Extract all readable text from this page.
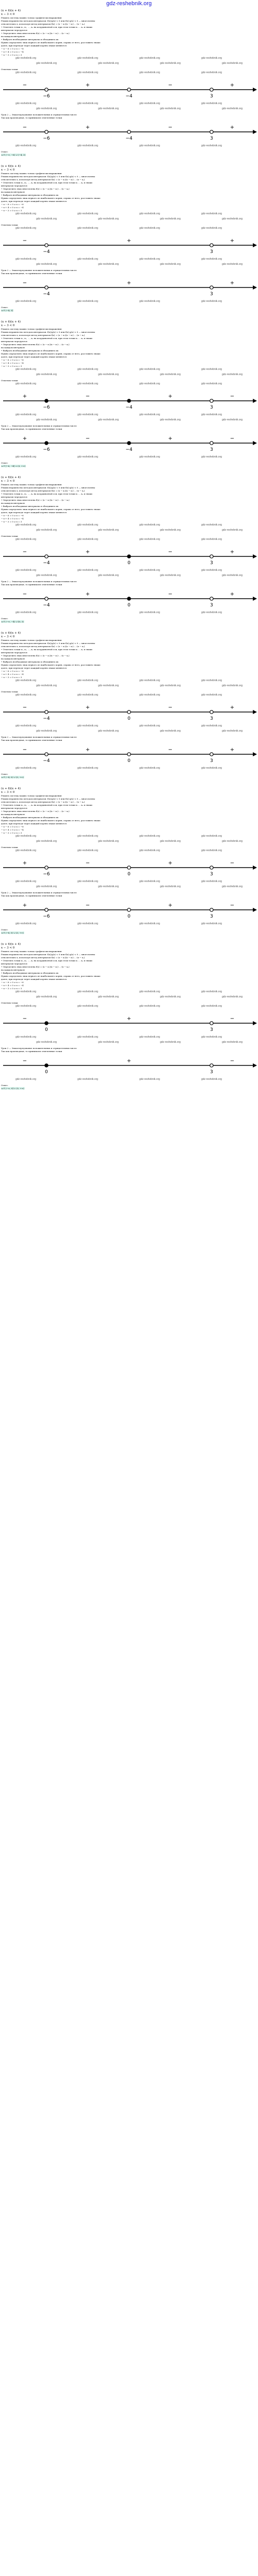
gdz-reshebnik.org
(x + 6)(x + 4)
x − 3 < 0
Решить систему можно только графически выражения
Решим неравенство методом интервалов: f(x)/g(x) < 0 или f(x)·g(x) < 0 — многочлены
относительно x, используя метод интервалов f(x) = (x − x₁)(x − x₂)·…·(x − xₙ)
• Отметить точки x₁, x₂, …, xₙ на координатной оси, при этом точки x₁ ... xₙ и знаки
интервалов чередуются
• Определить знак многочлена f(x) = (x − x₁)(x − x₂)·…·(x − xₙ)
на каждом интервале
• Выбрать необходимые интервалы и объединить их
Нужно определить знак первого из наибольшего корня, справа от него, расставить знаки:
далее, при переходе через каждый корень знаки меняются
− x − 6 = 0 ⇒ x = −6
− x + 4 = 0 ⇒ x = −4
− x − 3 = 0 ⇒ x = 3
gdz-reshebnik.org	gdz-reshebnik.org	gdz-reshebnik.org	gdz-reshebnik.org
gdz-reshebnik.org	gdz-reshebnik.org	gdz-reshebnik.org	gdz-reshebnik.org
Отметим точки
gdz-reshebnik.org	gdz-reshebnik.org	gdz-reshebnik.org	gdz-reshebnik.org
−	+	−	+
−6	−4	3
gdz-reshebnik.org	gdz-reshebnik.org	gdz-reshebnik.org	gdz-reshebnik.org
gdz-reshebnik.org	gdz-reshebnik.org	gdz-reshebnik.org	gdz-reshebnik.org
Урок 2 — Знакочередование положительных и отрицательных чисел
Так как производная, то принимаем отмеченные точки
−	+	−	+
−6	−4	3
gdz-reshebnik.org	gdz-reshebnik.org	gdz-reshebnik.org	gdz-reshebnik.org
Ответ:
x ∈ (−∞; −6) ∪ (−4; 3)
(x + 6)(x + 4)
x − 3 < 0
Решить систему можно только графически выражения
Решим неравенство методом интервалов: f(x)/g(x) < 0 или f(x)·g(x) < 0 — многочлены
относительно x, используя метод интервалов f(x) = (x − x₁)(x − x₂)·…·(x − xₙ)
• Отметить точки x₁, x₂, …, xₙ на координатной оси, при этом точки x₁ ... xₙ и знаки
интервалов чередуются
• Определить знак многочлена f(x) = (x − x₁)(x − x₂)·…·(x − xₙ)
на каждом интервале
• Выбрать необходимые интервалы и объединить их
Нужно определить знак первого из наибольшего корня, справа от него, расставить знаки:
далее, при переходе через каждый корень знаки меняются
− x − 6 = 0 ⇒ x = −6
− x + 4 = 0 ⇒ x = −4
− x − 3 = 0 ⇒ x = 3
gdz-reshebnik.org	gdz-reshebnik.org	gdz-reshebnik.org	gdz-reshebnik.org
gdz-reshebnik.org	gdz-reshebnik.org	gdz-reshebnik.org	gdz-reshebnik.org
Отметим точки
gdz-reshebnik.org	gdz-reshebnik.org	gdz-reshebnik.org	gdz-reshebnik.org
−	+	+
−4	3
gdz-reshebnik.org	gdz-reshebnik.org	gdz-reshebnik.org	gdz-reshebnik.org
gdz-reshebnik.org	gdz-reshebnik.org	gdz-reshebnik.org	gdz-reshebnik.org
Урок 2 — Знакочередование положительных и отрицательных чисел
Так как производная, то принимаем отмеченные точки
−	+	+
−4	3
gdz-reshebnik.org	gdz-reshebnik.org	gdz-reshebnik.org	gdz-reshebnik.org
Ответ:
x ∈ (−4; 3]
(x + 6)(x + 4)
x − 3 < 0
Решить систему можно только графически выражения
Решим неравенство методом интервалов: f(x)/g(x) < 0 или f(x)·g(x) < 0 — многочлены
относительно x, используя метод интервалов f(x) = (x − x₁)(x − x₂)·…·(x − xₙ)
• Отметить точки x₁, x₂, …, xₙ на координатной оси, при этом точки x₁ ... xₙ и знаки
интервалов чередуются
• Определить знак многочлена f(x) = (x − x₁)(x − x₂)·…·(x − xₙ)
на каждом интервале
• Выбрать необходимые интервалы и объединить их
Нужно определить знак первого из наибольшего корня, справа от него, расставить знаки:
далее, при переходе через каждый корень знаки меняются
− x − 6 = 0 ⇒ x = −6
− x + 4 = 0 ⇒ x = −4
− x − 3 = 0 ⇒ x = 3
gdz-reshebnik.org	gdz-reshebnik.org	gdz-reshebnik.org	gdz-reshebnik.org
gdz-reshebnik.org	gdz-reshebnik.org	gdz-reshebnik.org	gdz-reshebnik.org
Отметим точки
gdz-reshebnik.org	gdz-reshebnik.org	gdz-reshebnik.org	gdz-reshebnik.org
+	−	+	−
−6	−4	3
gdz-reshebnik.org	gdz-reshebnik.org	gdz-reshebnik.org	gdz-reshebnik.org
gdz-reshebnik.org	gdz-reshebnik.org	gdz-reshebnik.org	gdz-reshebnik.org
Урок 2 — Знакочередование положительных и отрицательных чисел
Так как производная, то принимаем отмеченные точки
+	−	+	−
−6	−4	3
gdz-reshebnik.org	gdz-reshebnik.org	gdz-reshebnik.org	gdz-reshebnik.org
Ответ:
x ∈ [−6; −4] ∪ (3; +∞)
(x + 6)(x + 4)
x − 3 < 0
Решить систему можно только графически выражения
Решим неравенство методом интервалов: f(x)/g(x) < 0 или f(x)·g(x) < 0 — многочлены
относительно x, используя метод интервалов f(x) = (x − x₁)(x − x₂)·…·(x − xₙ)
• Отметить точки x₁, x₂, …, xₙ на координатной оси, при этом точки x₁ ... xₙ и знаки
интервалов чередуются
• Определить знак многочлена f(x) = (x − x₁)(x − x₂)·…·(x − xₙ)
на каждом интервале
• Выбрать необходимые интервалы и объединить их
Нужно определить знак первого из наибольшего корня, справа от него, расставить знаки:
далее, при переходе через каждый корень знаки меняются
− x − 6 = 0 ⇒ x = −6
− x + 4 = 0 ⇒ x = −4
− x − 3 = 0 ⇒ x = 3
gdz-reshebnik.org	gdz-reshebnik.org	gdz-reshebnik.org	gdz-reshebnik.org
gdz-reshebnik.org	gdz-reshebnik.org	gdz-reshebnik.org	gdz-reshebnik.org
Отметим точки
gdz-reshebnik.org	gdz-reshebnik.org	gdz-reshebnik.org	gdz-reshebnik.org
−	+	−	+
−4	0	3
gdz-reshebnik.org	gdz-reshebnik.org	gdz-reshebnik.org	gdz-reshebnik.org
gdz-reshebnik.org	gdz-reshebnik.org	gdz-reshebnik.org	gdz-reshebnik.org
Урок 2 — Знакочередование положительных и отрицательных чисел
Так как производная, то принимаем отмеченные точки
−	+	−	+
−4	0	3
gdz-reshebnik.org	gdz-reshebnik.org	gdz-reshebnik.org	gdz-reshebnik.org
Ответ:
x ∈ (−∞; −4) ∪ [0; 3)
(x + 6)(x + 4)
x − 3 < 0
Решить систему можно только графически выражения
Решим неравенство методом интервалов: f(x)/g(x) < 0 или f(x)·g(x) < 0 — многочлены
относительно x, используя метод интервалов f(x) = (x − x₁)(x − x₂)·…·(x − xₙ)
• Отметить точки x₁, x₂, …, xₙ на координатной оси, при этом точки x₁ ... xₙ и знаки
интервалов чередуются
• Определить знак многочлена f(x) = (x − x₁)(x − x₂)·…·(x − xₙ)
на каждом интервале
• Выбрать необходимые интервалы и объединить их
Нужно определить знак первого из наибольшего корня, справа от него, расставить знаки:
далее, при переходе через каждый корень знаки меняются
− x − 6 = 0 ⇒ x = −6
− x + 4 = 0 ⇒ x = −4
− x − 3 = 0 ⇒ x = 3
gdz-reshebnik.org	gdz-reshebnik.org	gdz-reshebnik.org	gdz-reshebnik.org
gdz-reshebnik.org	gdz-reshebnik.org	gdz-reshebnik.org	gdz-reshebnik.org
Отметим точки
gdz-reshebnik.org	gdz-reshebnik.org	gdz-reshebnik.org	gdz-reshebnik.org
−	+	−	+
−4	0	3
gdz-reshebnik.org	gdz-reshebnik.org	gdz-reshebnik.org	gdz-reshebnik.org
gdz-reshebnik.org	gdz-reshebnik.org	gdz-reshebnik.org	gdz-reshebnik.org
Урок 2 — Знакочередование положительных и отрицательных чисел
Так как производная, то принимаем отмеченные точки
−	+	−	+
−4	0	3
gdz-reshebnik.org	gdz-reshebnik.org	gdz-reshebnik.org	gdz-reshebnik.org
Ответ:
x ∈ (−4; 0) ∪ (3; +∞)
(x + 6)(x + 4)
x − 3 < 0
Решить систему можно только графически выражения
Решим неравенство методом интервалов: f(x)/g(x) < 0 или f(x)·g(x) < 0 — многочлены
относительно x, используя метод интервалов f(x) = (x − x₁)(x − x₂)·…·(x − xₙ)
• Отметить точки x₁, x₂, …, xₙ на координатной оси, при этом точки x₁ ... xₙ и знаки
интервалов чередуются
• Определить знак многочлена f(x) = (x − x₁)(x − x₂)·…·(x − xₙ)
на каждом интервале
• Выбрать необходимые интервалы и объединить их
Нужно определить знак первого из наибольшего корня, справа от него, расставить знаки:
далее, при переходе через каждый корень знаки меняются
− x − 6 = 0 ⇒ x = −6
− x + 4 = 0 ⇒ x = −4
− x − 3 = 0 ⇒ x = 3
gdz-reshebnik.org	gdz-reshebnik.org	gdz-reshebnik.org	gdz-reshebnik.org
gdz-reshebnik.org	gdz-reshebnik.org	gdz-reshebnik.org	gdz-reshebnik.org
Отметим точки
gdz-reshebnik.org	gdz-reshebnik.org	gdz-reshebnik.org	gdz-reshebnik.org
+	−	+	−
−6	0	3
gdz-reshebnik.org	gdz-reshebnik.org	gdz-reshebnik.org	gdz-reshebnik.org
gdz-reshebnik.org	gdz-reshebnik.org	gdz-reshebnik.org	gdz-reshebnik.org
Урок 2 — Знакочередование положительных и отрицательных чисел
Так как производная, то принимаем отмеченные точки
+	−	+	−
−6	0	3
gdz-reshebnik.org	gdz-reshebnik.org	gdz-reshebnik.org	gdz-reshebnik.org
Ответ:
x ∈ (−6; 0) ∪ (3; +∞)
(x + 6)(x + 4)
x − 3 < 0
Решить систему можно только графически выражения
Решим неравенство методом интервалов: f(x)/g(x) < 0 или f(x)·g(x) < 0 — многочлены
относительно x, используя метод интервалов f(x) = (x − x₁)(x − x₂)·…·(x − xₙ)
• Отметить точки x₁, x₂, …, xₙ на координатной оси, при этом точки x₁ ... xₙ и знаки
интервалов чередуются
• Определить знак многочлена f(x) = (x − x₁)(x − x₂)·…·(x − xₙ)
на каждом интервале
• Выбрать необходимые интервалы и объединить их
Нужно определить знак первого из наибольшего корня, справа от него, расставить знаки:
далее, при переходе через каждый корень знаки меняются
− x − 6 = 0 ⇒ x = −6
− x + 4 = 0 ⇒ x = −4
− x − 3 = 0 ⇒ x = 3
gdz-reshebnik.org	gdz-reshebnik.org	gdz-reshebnik.org	gdz-reshebnik.org
gdz-reshebnik.org	gdz-reshebnik.org	gdz-reshebnik.org	gdz-reshebnik.org
Отметим точки
gdz-reshebnik.org	gdz-reshebnik.org	gdz-reshebnik.org	gdz-reshebnik.org
−	+	−
0	3
gdz-reshebnik.org	gdz-reshebnik.org	gdz-reshebnik.org	gdz-reshebnik.org
gdz-reshebnik.org	gdz-reshebnik.org	gdz-reshebnik.org	gdz-reshebnik.org
Урок 2 — Знакочередование положительных и отрицательных чисел
Так как производная, то принимаем отмеченные точки
−	+	−
0	3
gdz-reshebnik.org	gdz-reshebnik.org	gdz-reshebnik.org	gdz-reshebnik.org
Ответ:
x ∈ (−∞; 0] ∪ (3; +∞)
